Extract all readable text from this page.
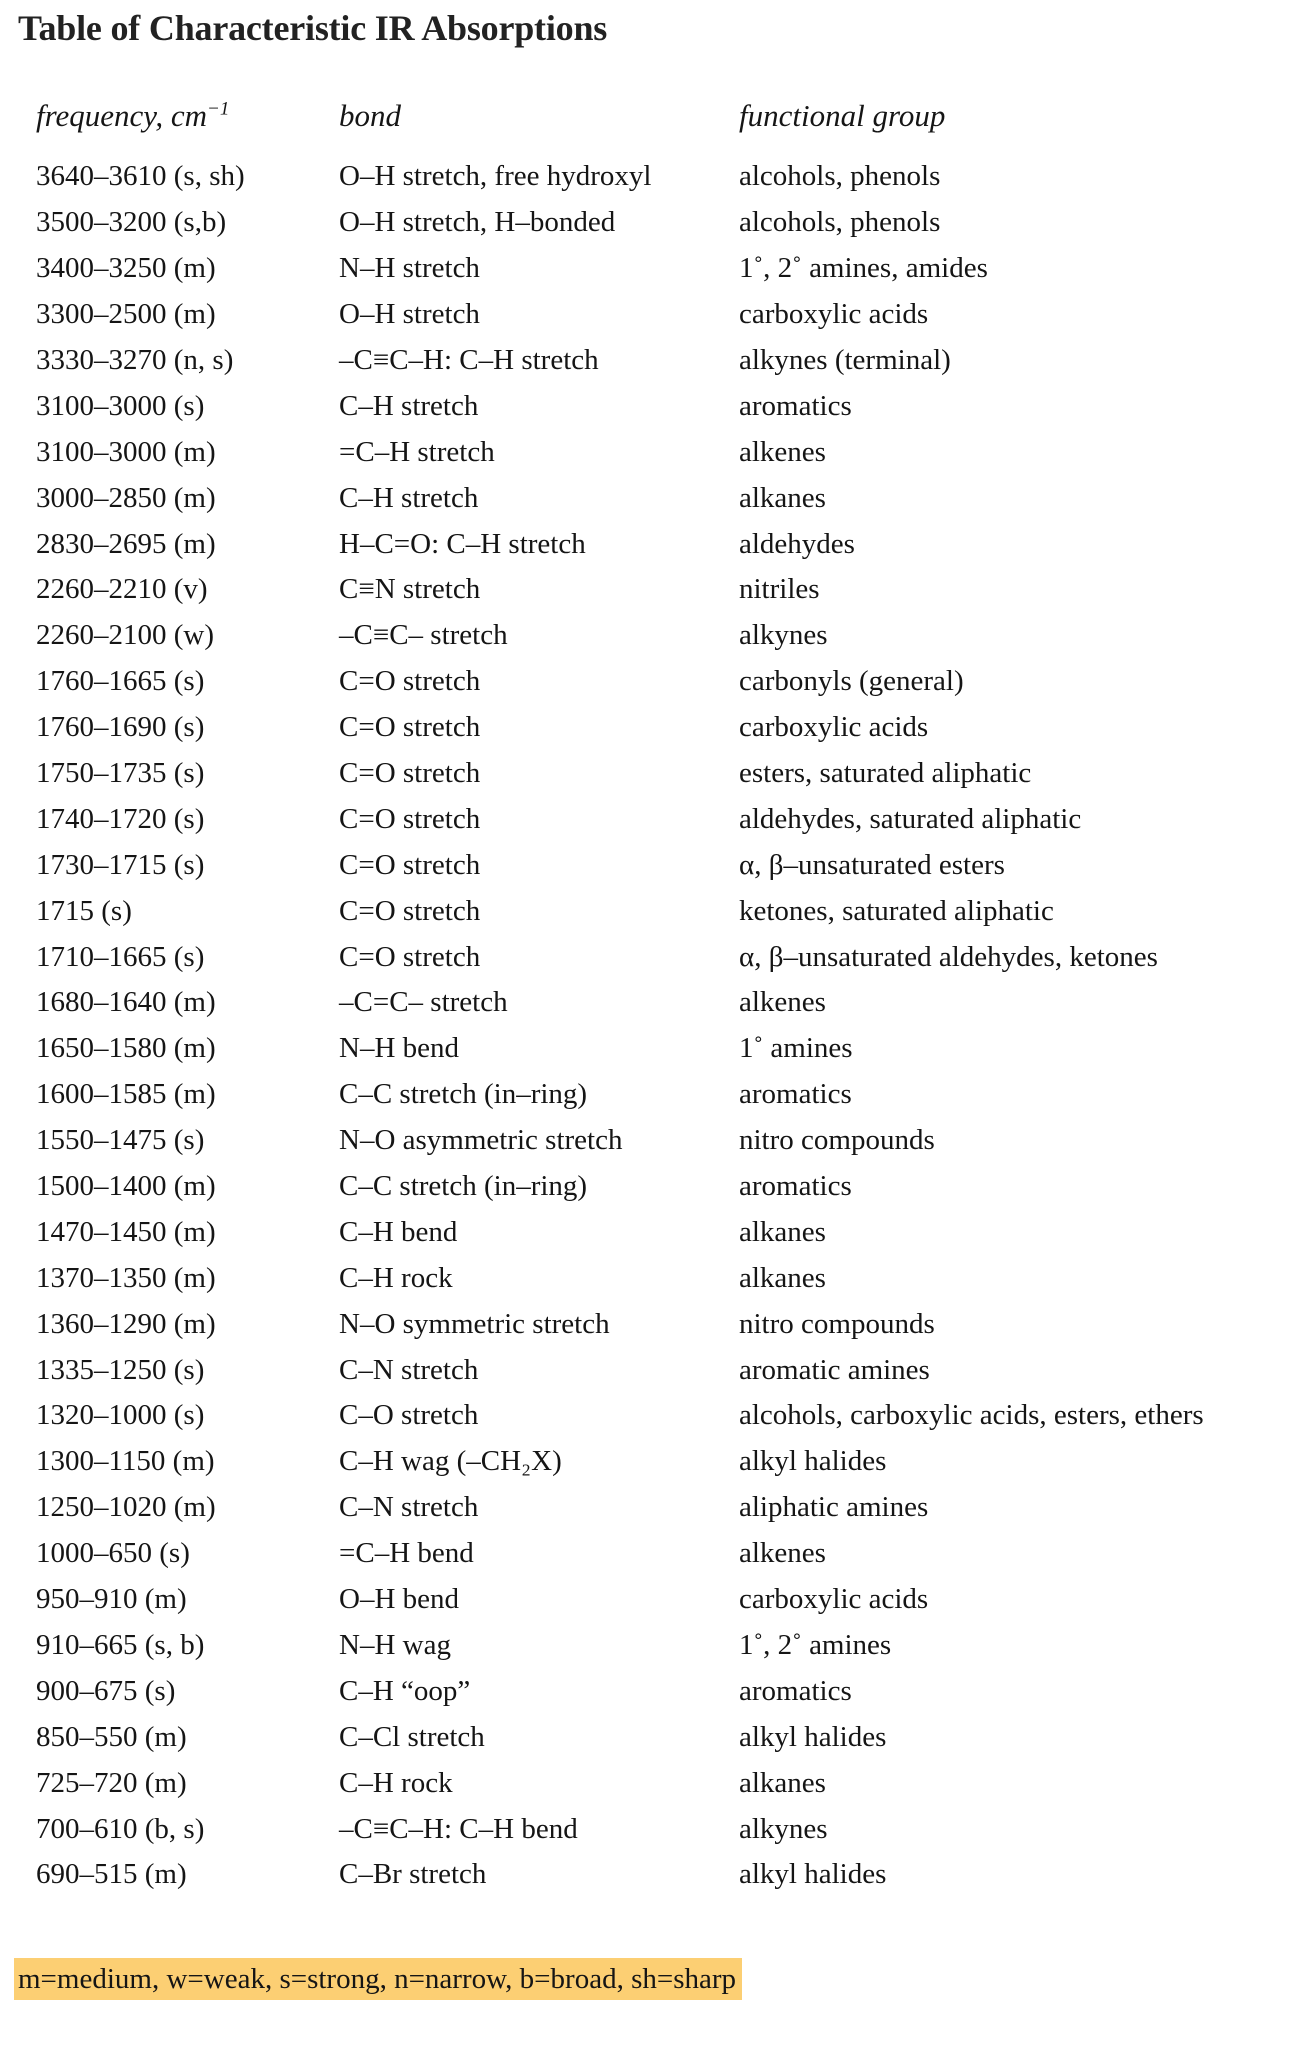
Table of Characteristic IR Absorptions
frequency, $cm^{-1}$	bond	functional group
3640–3610 (s, sh)	O–H stretch, free hydroxyl	alcohols, phenols
3500–3200 (s,b)	O–H stretch, H–bonded	alcohols, phenols
3400–3250 (m)	N–H stretch	1˚, 2˚ amines, amides
3300–2500 (m)	O–H stretch	carboxylic acids
3330–3270 (n, s)	–C≡C–H: C–H stretch	alkynes (terminal)
3100–3000 (s)	C–H stretch	aromatics
3100–3000 (m)	=C–H stretch	alkenes
3000–2850 (m)	C–H stretch	alkanes
2830–2695 (m)	H–C=O: C–H stretch	aldehydes
2260–2210 (v)	C≡N stretch	nitriles
2260–2100 (w)	–C≡C– stretch	alkynes
1760–1665 (s)	C=O stretch	carbonyls (general)
1760–1690 (s)	C=O stretch	carboxylic acids
1750–1735 (s)	C=O stretch	esters, saturated aliphatic
1740–1720 (s)	C=O stretch	aldehydes, saturated aliphatic
1730–1715 (s)	C=O stretch	α, β–unsaturated esters
1715 (s)	C=O stretch	ketones, saturated aliphatic
1710–1665 (s)	C=O stretch	α, β–unsaturated aldehydes, ketones
1680–1640 (m)	–C=C– stretch	alkenes
1650–1580 (m)	N–H bend	1˚ amines
1600–1585 (m)	C–C stretch (in–ring)	aromatics
1550–1475 (s)	N–O asymmetric stretch	nitro compounds
1500–1400 (m)	C–C stretch (in–ring)	aromatics
1470–1450 (m)	C–H bend	alkanes
1370–1350 (m)	C–H rock	alkanes
1360–1290 (m)	N–O symmetric stretch	nitro compounds
1335–1250 (s)	C–N stretch	aromatic amines
1320–1000 (s)	C–O stretch	alcohols, carboxylic acids, esters, ethers
1300–1150 (m)	C–H wag (–CH₂X)	alkyl halides
1250–1020 (m)	C–N stretch	aliphatic amines
1000–650 (s)	=C–H bend	alkenes
950–910 (m)	O–H bend	carboxylic acids
910–665 (s, b)	N–H wag	1˚, 2˚ amines
900–675 (s)	C–H “oop”	aromatics
850–550 (m)	C–Cl stretch	alkyl halides
725–720 (m)	C–H rock	alkanes
700–610 (b, s)	–C≡C–H: C–H bend	alkynes
690–515 (m)	C–Br stretch	alkyl halides
m=medium, w=weak, s=strong, n=narrow, b=broad, sh=sharp
